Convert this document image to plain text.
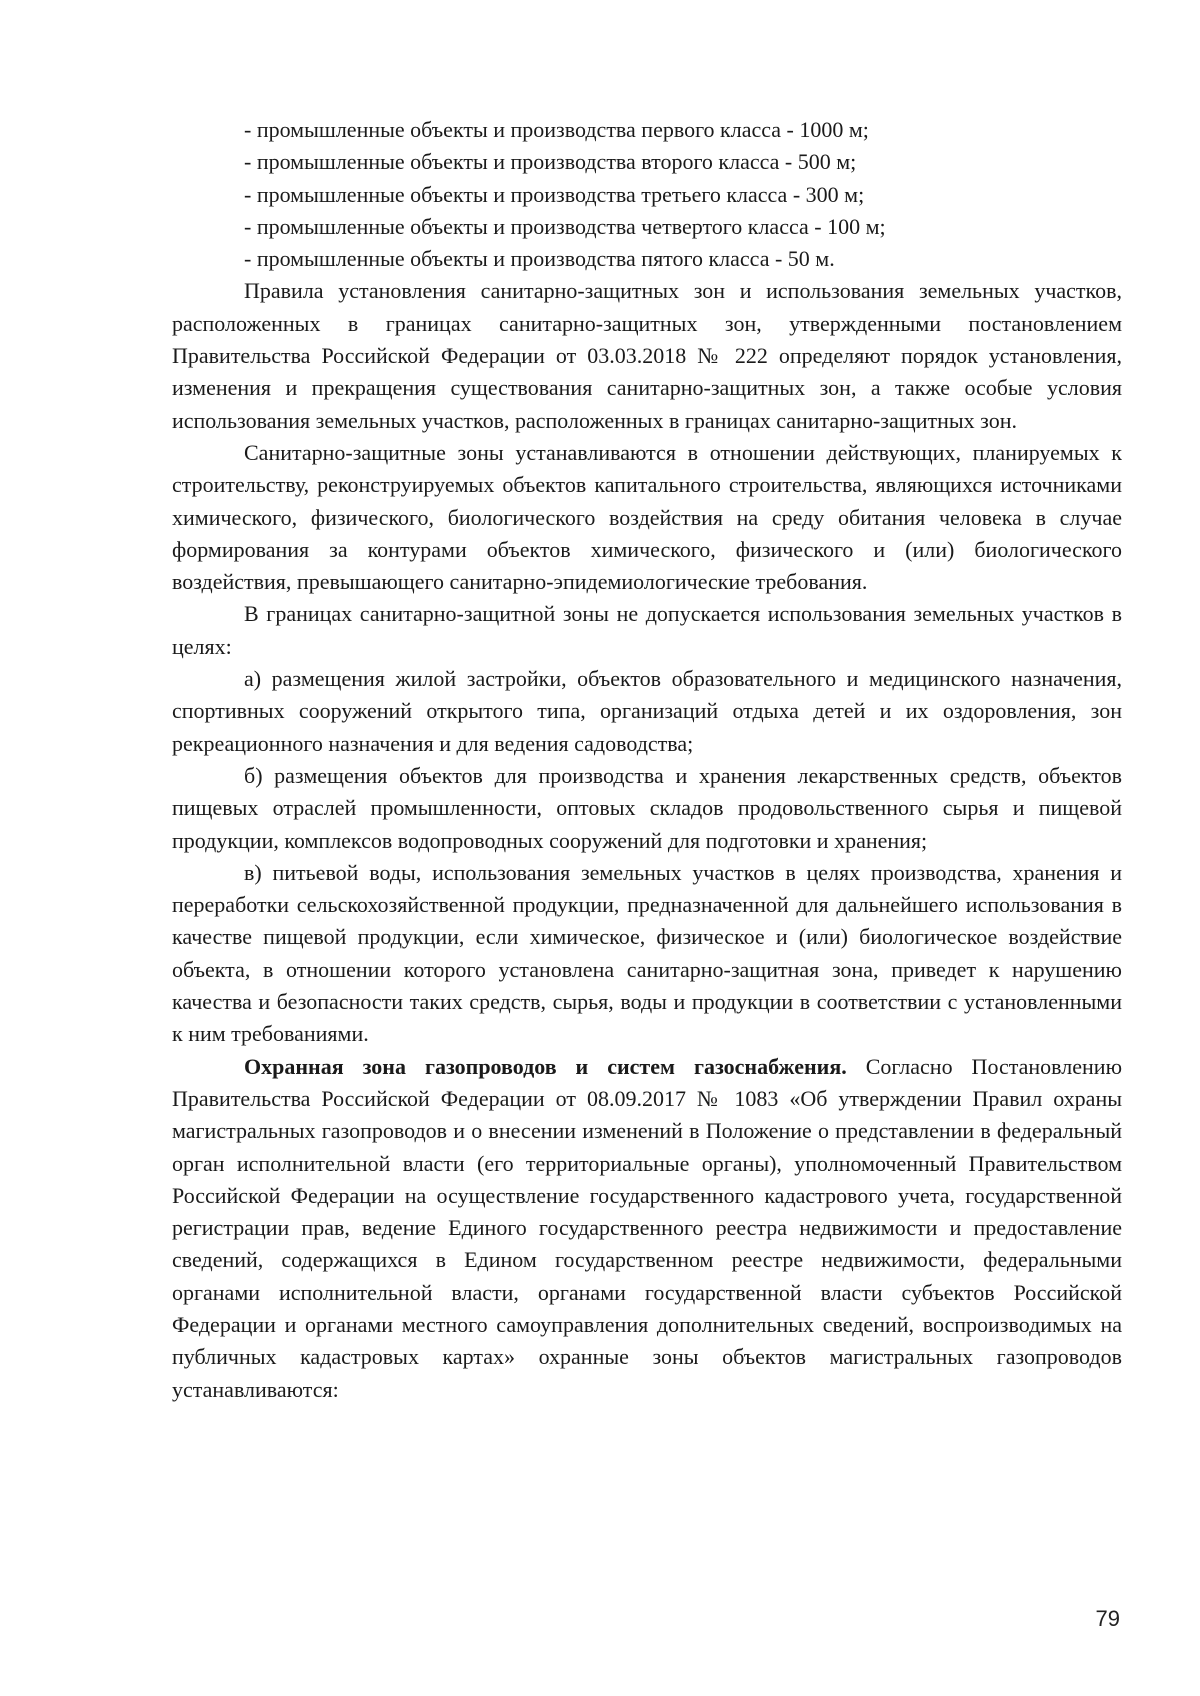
- промышленные объекты и производства первого класса - 1000 м;
- промышленные объекты и производства второго класса - 500 м;
- промышленные объекты и производства третьего класса - 300 м;
- промышленные объекты и производства четвертого класса - 100 м;
- промышленные объекты и производства пятого класса - 50 м.

Правила установления санитарно-защитных зон и использования земельных участков, расположенных в границах санитарно-защитных зон, утвержденными постановлением Правительства Российской Федерации от 03.03.2018 № 222 определяют порядок установления, изменения и прекращения существования санитарно-защитных зон, а также особые условия использования земельных участков, расположенных в границах санитарно-защитных зон.

Санитарно-защитные зоны устанавливаются в отношении действующих, планируемых к строительству, реконструируемых объектов капитального строительства, являющихся источниками химического, физического, биологического воздействия на среду обитания человека в случае формирования за контурами объектов химического, физического и (или) биологического воздействия, превышающего санитарно-эпидемиологические требования.

В границах санитарно-защитной зоны не допускается использования земельных участков в целях:

а) размещения жилой застройки, объектов образовательного и медицинского назначения, спортивных сооружений открытого типа, организаций отдыха детей и их оздоровления, зон рекреационного назначения и для ведения садоводства;

б) размещения объектов для производства и хранения лекарственных средств, объектов пищевых отраслей промышленности, оптовых складов продовольственного сырья и пищевой продукции, комплексов водопроводных сооружений для подготовки и хранения;

в) питьевой воды, использования земельных участков в целях производства, хранения и переработки сельскохозяйственной продукции, предназначенной для дальнейшего использования в качестве пищевой продукции, если химическое, физическое и (или) биологическое воздействие объекта, в отношении которого установлена санитарно-защитная зона, приведет к нарушению качества и безопасности таких средств, сырья, воды и продукции в соответствии с установленными к ним требованиями.

Охранная зона газопроводов и систем газоснабжения. Согласно Постановлению Правительства Российской Федерации от 08.09.2017 № 1083 «Об утверждении Правил охраны магистральных газопроводов и о внесении изменений в Положение о представлении в федеральный орган исполнительной власти (его территориальные органы), уполномоченный Правительством Российской Федерации на осуществление государственного кадастрового учета, государственной регистрации прав, ведение Единого государственного реестра недвижимости и предоставление сведений, содержащихся в Едином государственном реестре недвижимости, федеральными органами исполнительной власти, органами государственной власти субъектов Российской Федерации и органами местного самоуправления дополнительных сведений, воспроизводимых на публичных кадастровых картах» охранные зоны объектов магистральных газопроводов устанавливаются:

79
